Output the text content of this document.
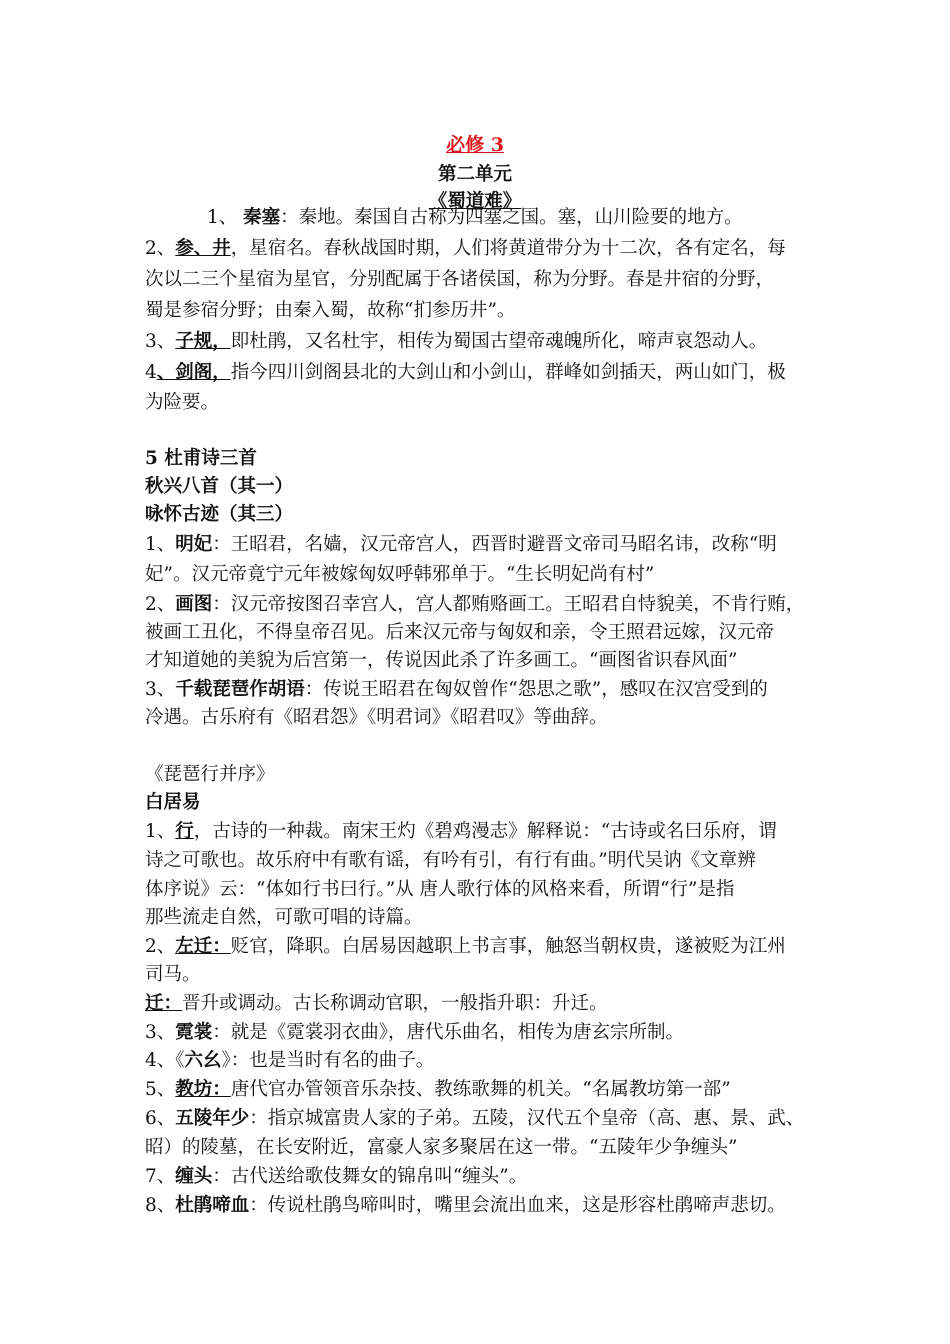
必修 3
第二单元
《蜀道难》
1、 秦塞：秦地。秦国自古称为四塞之国。塞，山川险要的地方。
2、参、井，星宿名。春秋战国时期，人们将黄道带分为十二次，各有定名，每
次以二三个星宿为星官，分别配属于各诸侯国，称为分野。春是井宿的分野，
蜀是参宿分野；由秦入蜀，故称“扪参历井”。
3、子规，即杜鹃，又名杜宇，相传为蜀国古望帝魂魄所化，啼声哀怨动人。
4、剑阁，指今四川剑阁县北的大剑山和小剑山，群峰如剑插天，两山如门，极
为险要。
5 杜甫诗三首
秋兴八首（其一）
咏怀古迹（其三）
1、明妃：王昭君，名嫱，汉元帝宫人，西晋时避晋文帝司马昭名讳，改称“明
妃”。汉元帝竟宁元年被嫁匈奴呼韩邪单于。“生长明妃尚有村”
2、画图：汉元帝按图召幸宫人，宫人都贿赂画工。王昭君自恃貌美，不肯行贿，
被画工丑化，不得皇帝召见。后来汉元帝与匈奴和亲，令王照君远嫁，汉元帝
才知道她的美貌为后宫第一，传说因此杀了许多画工。“画图省识春风面”
3、千载琵琶作胡语：传说王昭君在匈奴曾作“怨思之歌”，感叹在汉宫受到的
冷遇。古乐府有《昭君怨》《明君词》《昭君叹》等曲辞。
《琵琶行并序》
白居易
1、行，古诗的一种裁。南宋王灼《碧鸡漫志》解释说：“古诗或名曰乐府，谓
诗之可歌也。故乐府中有歌有谣，有吟有引，有行有曲。”明代吴讷《文章辨
体序说》云：“体如行书曰行。”从 唐人歌行体的风格来看，所谓“行”是指
那些流走自然，可歌可唱的诗篇。
2、左迁：贬官，降职。白居易因越职上书言事，触怒当朝权贵，遂被贬为江州
司马。
迁：晋升或调动。古长称调动官职，一般指升职：升迁。
3、霓裳：就是《霓裳羽衣曲》，唐代乐曲名，相传为唐玄宗所制。
4、《六幺》：也是当时有名的曲子。
5、教坊：唐代官办管领音乐杂技、教练歌舞的机关。“名属教坊第一部”
6、五陵年少：指京城富贵人家的子弟。五陵，汉代五个皇帝（高、惠、景、武、
昭）的陵墓，在长安附近，富豪人家多聚居在这一带。“五陵年少争缠头”
7、缠头：古代送给歌伎舞女的锦帛叫“缠头”。
8、杜鹃啼血：传说杜鹃鸟啼叫时，嘴里会流出血来，这是形容杜鹃啼声悲切。
